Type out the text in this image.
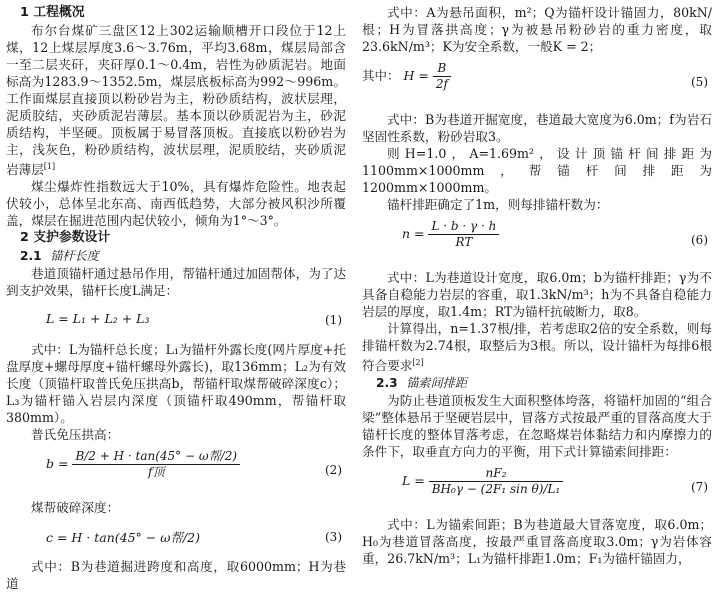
1 工程概况

布尔台煤矿三盘区12上302运输顺槽开口段位于12上煤，12上煤层厚度3.6～3.76m，平均3.68m，煤层局部含一至二层夹矸，夹矸厚0.1～0.4m，岩性为砂质泥岩。地面标高为1283.9～1352.5m，煤层底板标高为992～996m。工作面煤层直接顶以粉砂岩为主，粉砂质结构，波状层理，泥质胶结，夹砂质泥岩薄层。基本顶以砂质泥岩为主，砂泥质结构，半坚硬。顶板属于易冒落顶板。直接底以粉砂岩为主，浅灰色，粉砂质结构，波状层理，泥质胶结，夹砂质泥岩薄层[1]

煤尘爆炸性指数远大于10%，具有爆炸危险性。地表起伏较小，总体呈北东高、南西低趋势，大部分被风积沙所覆盖，煤层在掘进范围内起伏较小，倾角为1°～3°。

2 支护参数设计
2.1 锚杆长度

巷道顶锚杆通过悬吊作用，帮锚杆通过加固帮体，为了达到支护效果，锚杆长度L满足：

L = L₁ + L₂ + L₃	(1)

式中：L为锚杆总长度；L₁为锚杆外露长度(网片厚度+托盘厚度+螺母厚度+锚杆螺母外露长)，取136mm；L₂为有效长度（顶锚杆取普氏免压拱高b，帮锚杆取煤帮破碎深度c）；L₃为锚杆锚入岩层内深度（顶锚杆取490mm，帮锚杆取380mm）。

普氏免压拱高：

$b = \frac{\text{B/2 + H · tan(45° − ω帮/2)}}{\text{f顶}}$	(2)

煤帮破碎深度：

c = H · tan(45° − ω帮/2)	(3)

式中：B为巷道掘进跨度和高度，取6000mm；H为巷道

式中：A为悬吊面积，m²；Q为锚杆设计锚固力，80kN/根；H为冒落拱高度；γ为被悬吊粉砂岩的重力密度，取23.6kN/m³；K为安全系数，一般K = 2；

其中： $H = \frac{B}{2f}$	(5)

式中：B为巷道开掘宽度，巷道最大宽度为6.0m；f为岩石坚固性系数，粉砂岩取3。

则H=1.0，A=1.69m²，设计顶锚杆间排距为1100mm×1000mm，帮锚杆间排距为1200mm×1000mm。

锚杆排距确定了1m，则每排锚杆数为：

$n = \frac{L \cdot b \cdot \gamma \cdot h}{RT}$	(6)

式中：L为巷道设计宽度，取6.0m；b为锚杆排距；γ为不具备自稳能力岩层的容重，取1.3kN/m³；h为不具备自稳能力岩层的厚度，取1.4m；RT为锚杆抗破断力，取8。

计算得出，n=1.37根/排，若考虑取2倍的安全系数，则每排锚杆数为2.74根，取整后为3根。所以，设计锚杆为每排6根符合要求[2]

2.3 锚索间排距

为防止巷道顶板发生大面积整体垮落，将锚杆加固的“组合梁”整体悬吊于坚硬岩层中，冒落方式按最严重的冒落高度大于锚杆长度的整体冒落考虑，在忽略煤岩体黏结力和内摩擦力的条件下，取垂直方向力的平衡，用下式计算锚索间排距：

$L = \frac{\text{nF₂}}{\text{BH₀γ − (2F₁ sin θ)/L₁}}$	(7)

式中：L为锚索间距；B为巷道最大冒落宽度，取6.0m；H₀为巷道冒落高度，按最严重冒落高度取3.0m；γ为岩体容重，26.7kN/m³；L₁为锚杆排距1.0m；F₁为锚杆锚固力，
